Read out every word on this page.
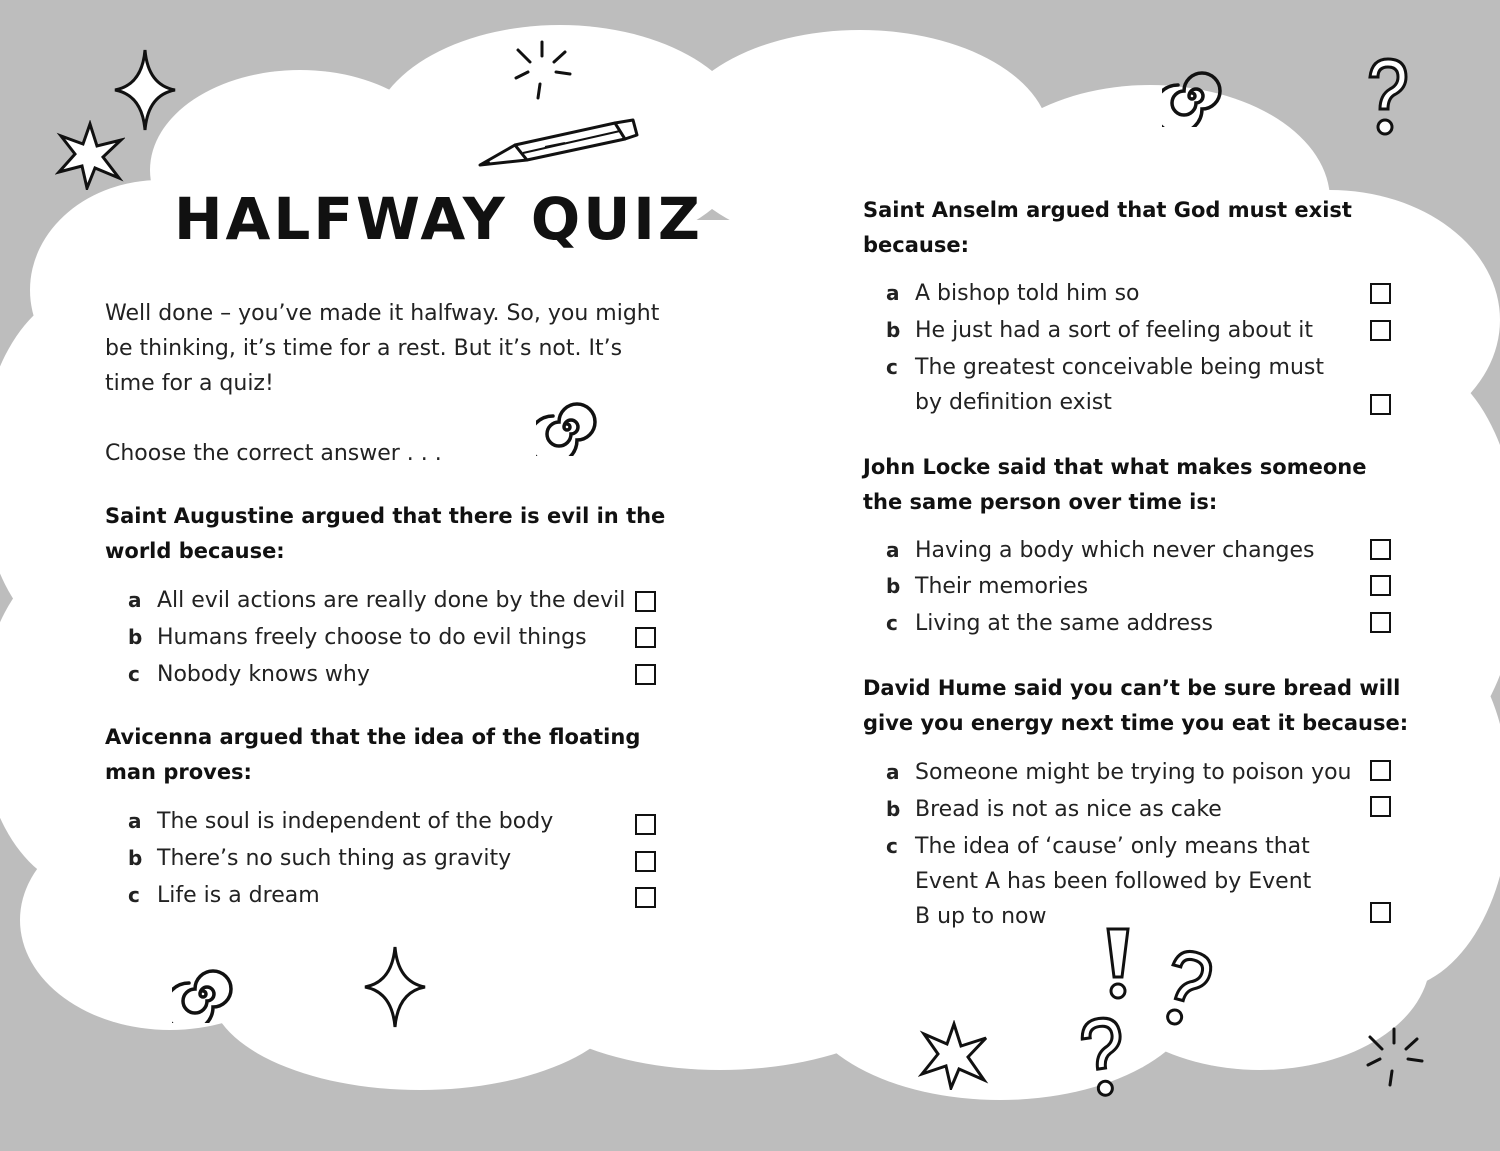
HALFWAY QUIZ
Well done – you’ve made it halfway. So, you might
be thinking, it’s time for a rest. But it’s not. It’s
time for a quiz!
Choose the correct answer . . .
Saint Augustine argued that there is evil in the
world because:
a All evil actions are really done by the devil
b Humans freely choose to do evil things
c Nobody knows why
Avicenna argued that the idea of the floating
man proves:
a The soul is independent of the body
b There’s no such thing as gravity
c Life is a dream
Saint Anselm argued that God must exist
because:
a A bishop told him so
b He just had a sort of feeling about it
c The greatest conceivable being must
by definition exist
John Locke said that what makes someone
the same person over time is:
a Having a body which never changes
b Their memories
c Living at the same address
David Hume said you can’t be sure bread will
give you energy next time you eat it because:
a Someone might be trying to poison you
b Bread is not as nice as cake
c The idea of ‘cause’ only means that
Event A has been followed by Event
B up to now
